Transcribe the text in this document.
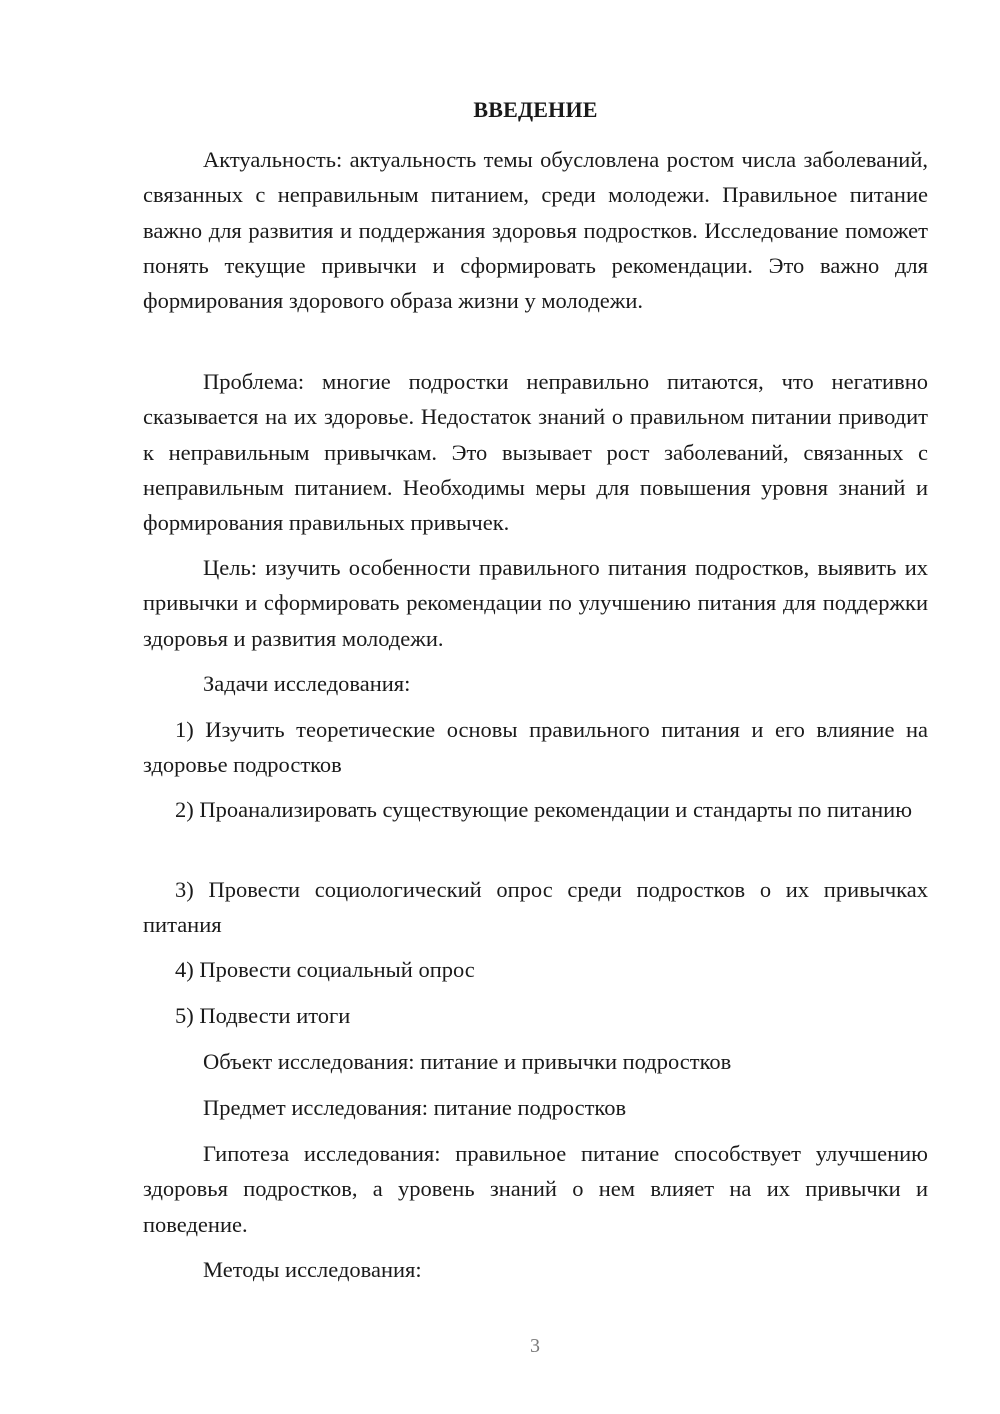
ВВЕДЕНИЕ

Актуальность: актуальность темы обусловлена ростом числа заболеваний, связанных с неправильным питанием, среди молодежи. Правильное питание важно для развития и поддержания здоровья подростков. Исследование поможет понять текущие привычки и сформировать рекомендации. Это важно для формирования здорового образа жизни у молодежи.

Проблема: многие подростки неправильно питаются, что негативно сказывается на их здоровье. Недостаток знаний о правильном питании приводит к неправильным привычкам. Это вызывает рост заболеваний, связанных с неправильным питанием. Необходимы меры для повышения уровня знаний и формирования правильных привычек.

Цель: изучить особенности правильного питания подростков, выявить их привычки и сформировать рекомендации по улучшению питания для поддержки здоровья и развития молодежи.

Задачи исследования:

1) Изучить теоретические основы правильного питания и его влияние на здоровье подростков

2) Проанализировать существующие рекомендации и стандарты по питанию

3) Провести социологический опрос среди подростков о их привычках питания

4) Провести социальный опрос

5) Подвести итоги

Объект исследования: питание и привычки подростков

Предмет исследования: питание подростков

Гипотеза исследования: правильное питание способствует улучшению здоровья подростков, а уровень знаний о нем влияет на их привычки и поведение.

Методы исследования:

3
